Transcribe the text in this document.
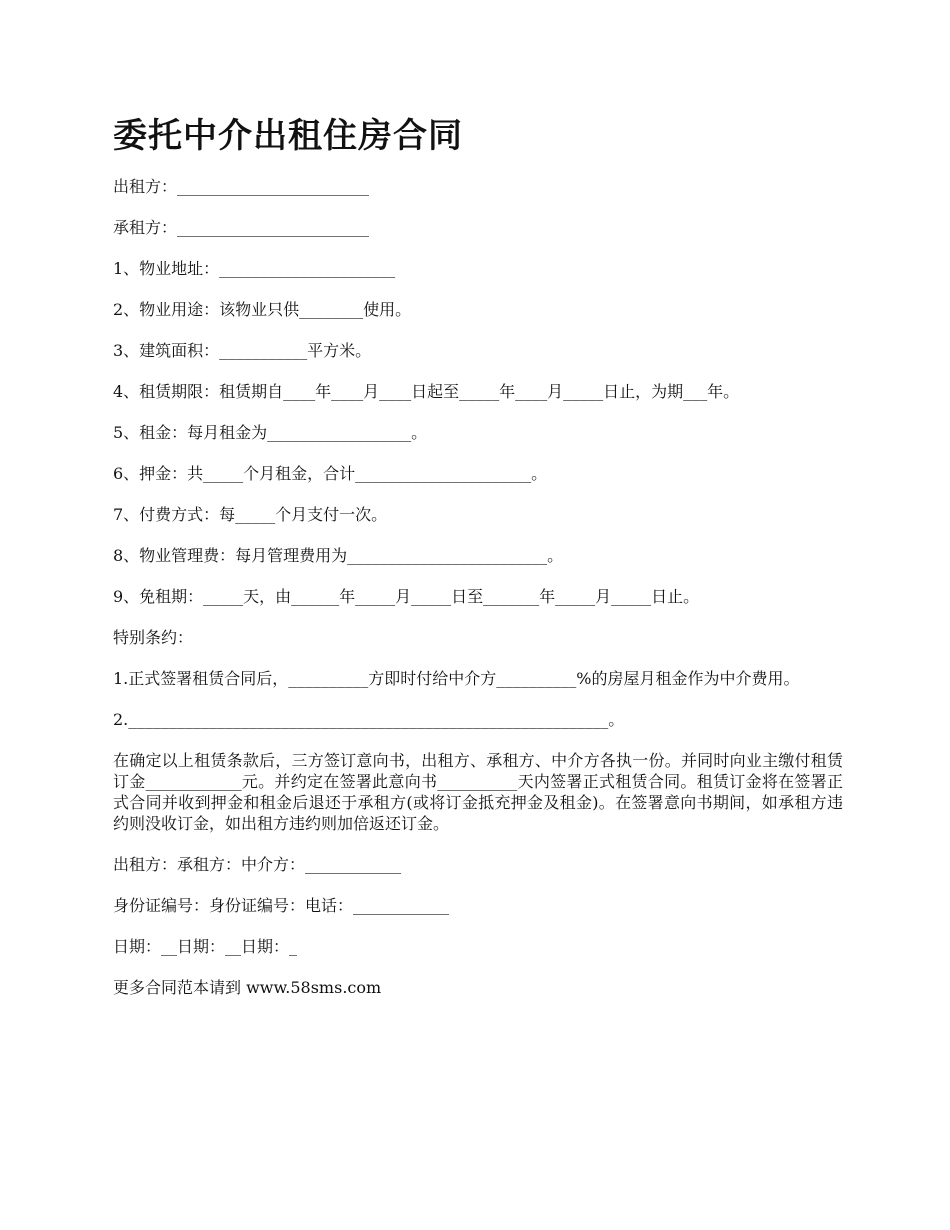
委托中介出租住房合同
出租方：________________________
承租方：________________________
1、物业地址：______________________
2、物业用途：该物业只供________使用。
3、建筑面积：___________平方米。
4、租赁期限：租赁期自____年____月____日起至_____年____月_____日止，为期___年。
5、租金：每月租金为__________________。
6、押金：共_____个月租金，合计______________________。
7、付费方式：每_____个月支付一次。
8、物业管理费：每月管理费用为_________________________。
9、免租期：_____天，由______年_____月_____日至_______年_____月_____日止。
特别条约：
1.正式签署租赁合同后，__________方即时付给中介方__________%的房屋月租金作为中介费用。
2.____________________________________________________________。
在确定以上租赁条款后，三方签订意向书，出租方、承租方、中介方各执一份。并同时向业主缴付租赁订金____________元。并约定在签署此意向书__________天内签署正式租赁合同。租赁订金将在签署正式合同并收到押金和租金后退还于承租方(或将订金抵充押金及租金)。在签署意向书期间，如承租方违约则没收订金，如出租方违约则加倍返还订金。
出租方：承租方：中介方：____________
身份证编号：身份证编号：电话：____________
日期：__日期：__日期：_
更多合同范本请到 www.58sms.com
